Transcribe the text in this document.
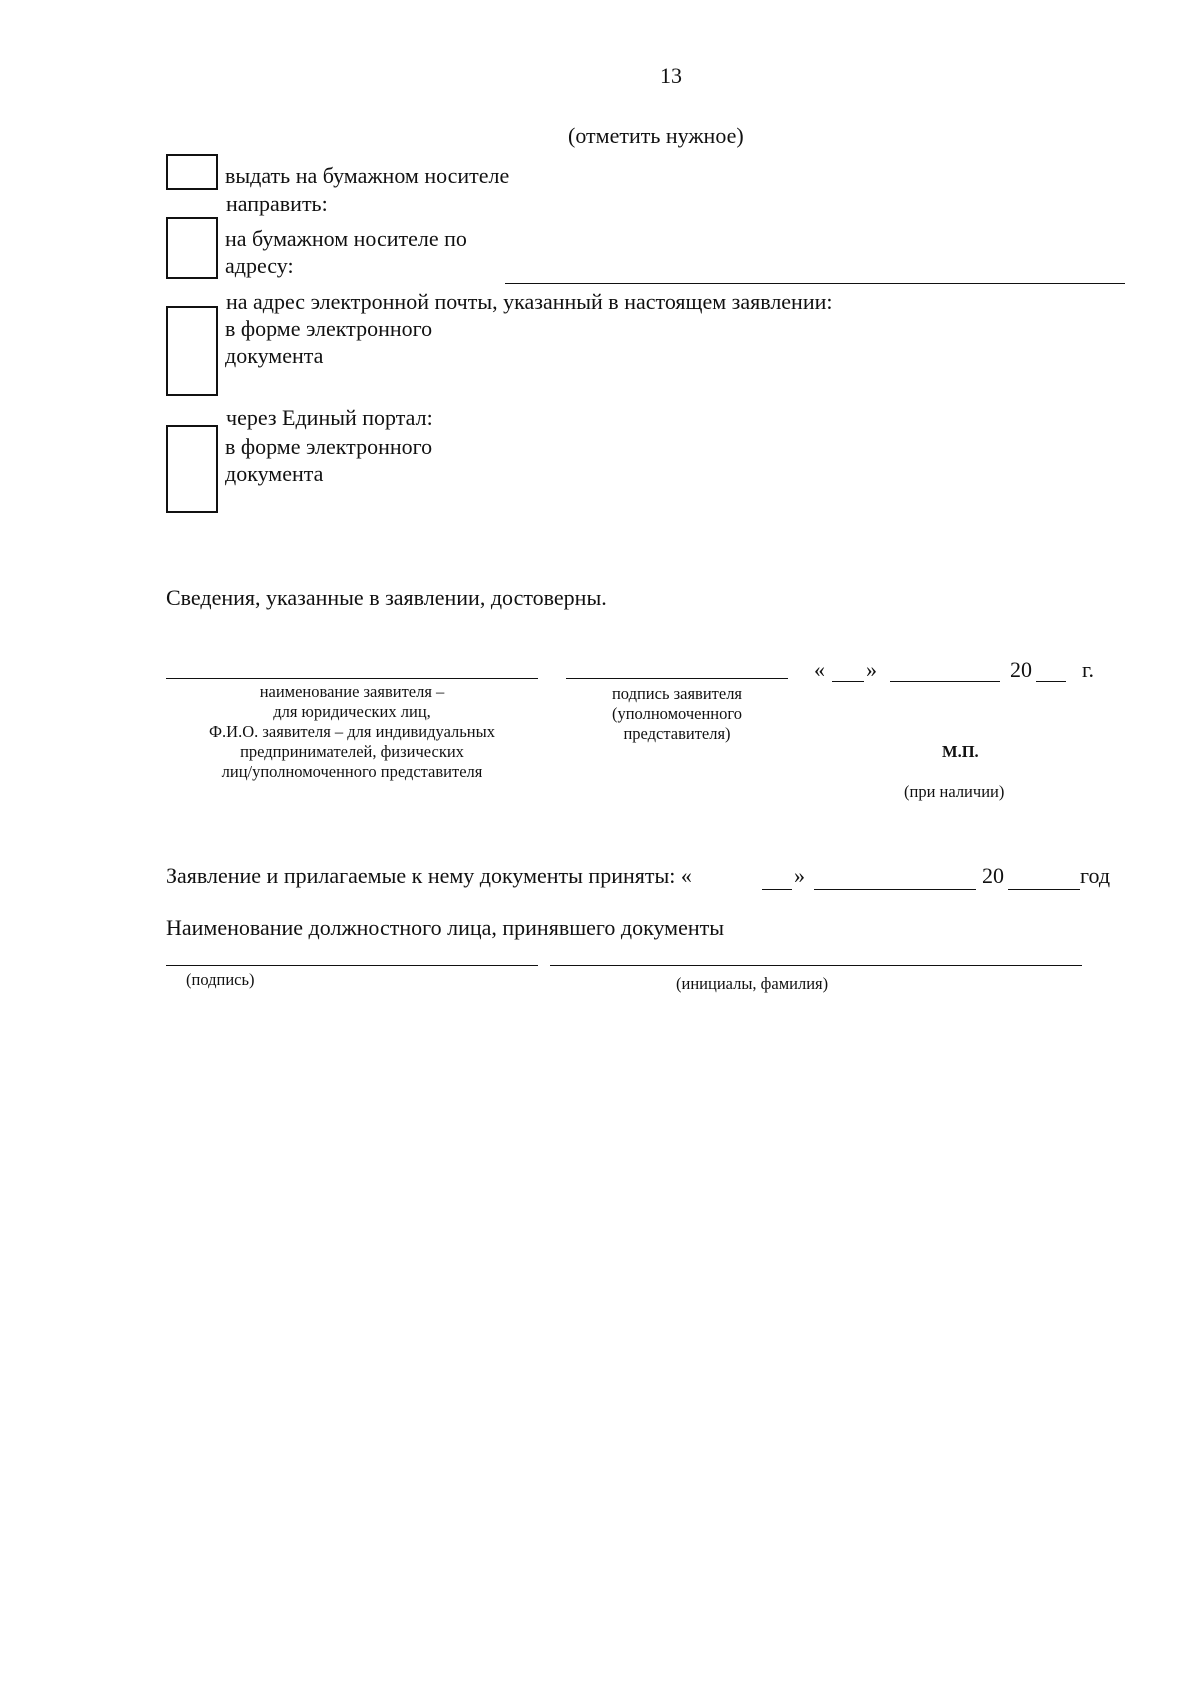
13
(отметить нужное)
выдать на бумажном носителе
направить:
на бумажном носителе по
адресу:
на адрес электронной почты, указанный в настоящем заявлении:
в форме электронного
документа
через Единый портал:
в форме электронного
документа
Сведения, указанные в заявлении, достоверны.
« »	20 г.
наименование заявителя –
для юридических лиц,
Ф.И.О. заявителя – для индивидуальных
предпринимателей, физических
лиц/уполномоченного представителя
подпись заявителя
(уполномоченного
представителя)
М.П.
(при наличии)
Заявление и прилагаемые к нему документы приняты: «	»	20	год
Наименование должностного лица, принявшего документы
(подпись)	(инициалы, фамилия)
